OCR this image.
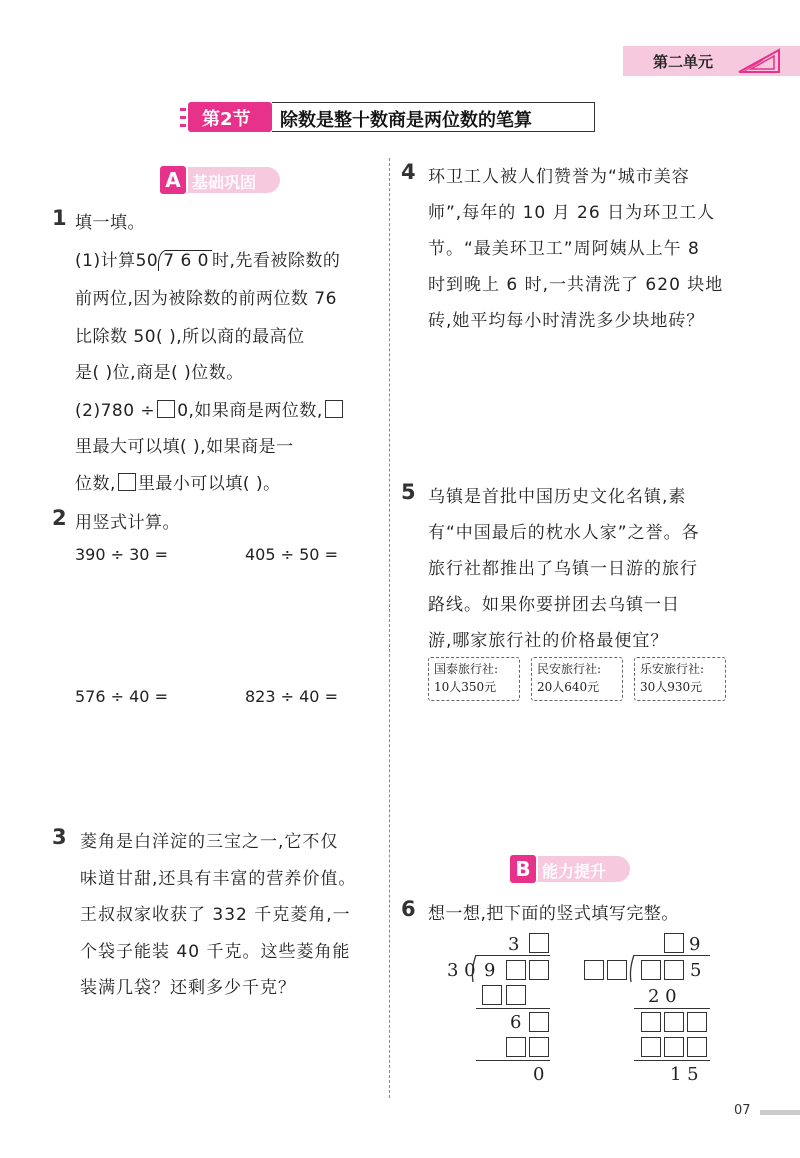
第二单元
第2节 除数是整十数商是两位数的笔算
A 基础巩固
1 填一填。
(1)计算50 7 6 0 时,先看被除数的
前两位,因为被除数的前两位数 76
比除数 50( ),所以商的最高位
是( )位,商是( )位数。
(2)780 ÷ 0,如果商是两位数,
里最大可以填( ),如果商是一
位数, 里最小可以填( )。
2 用竖式计算。
390 ÷ 30 =	405 ÷ 50 =
576 ÷ 40 =	823 ÷ 40 =
3 菱角是白洋淀的三宝之一,它不仅
味道甘甜,还具有丰富的营养价值。
王叔叔家收获了 332 千克菱角,一
个袋子能装 40 千克。这些菱角能
装满几袋？还剩多少千克？
4 环卫工人被人们赞誉为“城市美容
师”,每年的 10 月 26 日为环卫工人
节。“最美环卫工”周阿姨从上午 8
时到晚上 6 时,一共清洗了 620 块地
砖,她平均每小时清洗多少块地砖？
5 乌镇是首批中国历史文化名镇,素
有“中国最后的枕水人家”之誉。各
旅行社都推出了乌镇一日游的旅行
路线。如果你要拼团去乌镇一日
游,哪家旅行社的价格最便宜？
国泰旅行社:
10人350元
民安旅行社:
20人640元
乐安旅行社:
30人930元
B 能力提升
6 想一想,把下面的竖式填写完整。
3
3 0 9
6
0
9
5
2 0
1 5
07
